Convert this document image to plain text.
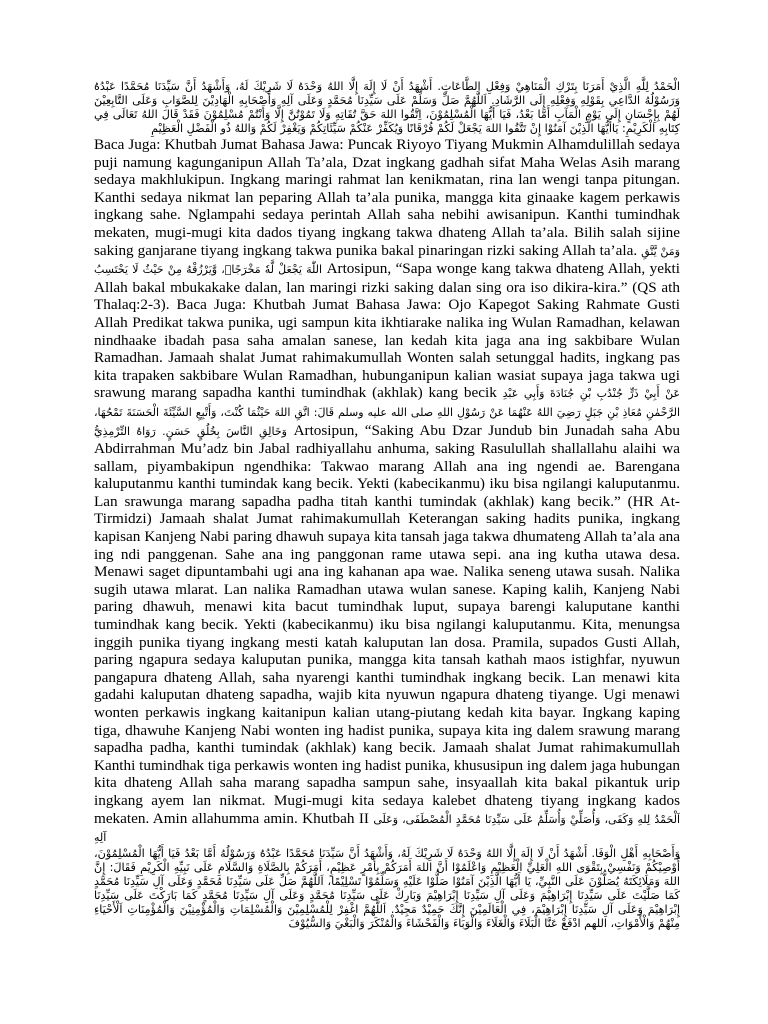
الْحَمْدُ لِلَّهِ الَّذِيْ أَمَرَنَا بِتَرْكِ الْمَنَاهِيْ وَفِعْلِ الطَّاعَاتِ. أَشْهَدُ أَنْ لَا إِلَهَ إِلَّا اللهُ وَحْدَهُ لَا شَرِيْكَ لَهُ، وَأَشْهَدُ أَنَّ سَيِّدَنَا مُحَمَّدًا عَبْدُهُ وَرَسُوْلُهُ الدَّاعِي بِقَوْلِهِ وَفِعْلِهِ إِلَى الرَّشَادِ. اَللَّهُمَّ صَلِّ وَسَلِّمْ عَلَى سَيِّدِنَا مُحَمَّدٍ وَعَلَى آلِهِ وَأَصْحَابِهِ الْهَادِيْنَ لِلصَّوَابِ وَعَلَى التَّابِعِيْنَ لَهُمْ بِإِحْسَانٍ إِلَى يَوْمِ الْمَآبِ أَمَّا بَعْدُ، فَيَا أَيُّهَا الْمُسْلِمُوْنَ، اِتَّقُوا اللهَ حَقَّ تُقَاتِهِ وَلَا تَمُوْتُنَّ إِلَّا وَأَنْتُمْ مُسْلِمُوْنَ فَقَدْ قَالَ اللهُ تَعَالَى فِي كِتَابِهِ الْكَرِيْمِ: يَاأَيُّهَا الَّذِيْنَ آمَنُوْا إِنْ تَتَّقُوا اللهَ يَجْعَلْ لَكُمْ فُرْقَانًا وَيُكَفِّرْ عَنْكُمْ سَيِّئَاتِكُمْ وَيَغْفِرْ لَكُمْ وَاللهُ ذُو الْفَضْلِ الْعَظِيْمِ

Baca Juga: Khutbah Jumat Bahasa Jawa: Puncak Riyoyo Tiyang Mukmin Alhamdulillah sedaya puji namung kagunganipun Allah Ta’ala, Dzat ingkang gadhah sifat Maha Welas Asih marang sedaya makhlukipun. Ingkang maringi rahmat lan kenikmatan, rina lan wengi tanpa pitungan. Kanthi sedaya nikmat lan peparing Allah ta’ala punika, mangga kita ginaake kagem perkawis ingkang sahe. Nglampahi sedaya perintah Allah saha nebihi awisanipun. Kanthi tumindhak mekaten, mugi-mugi kita dados tiyang ingkang takwa dhateng Allah ta’ala. Bilih salah sijine saking ganjarane tiyang ingkang takwa punika bakal pinaringan rizki saking Allah ta’ala. وَمَنْ يَّتَّقِ اللّٰهَ يَجْعَلْ لَّهٗ مَخْرَجًاۙ، وَّيَرْزُقْهُ مِنْ حَيْثُ لَا يَحْتَسِبُ Artosipun, “Sapa wonge kang takwa dhateng Allah, yekti Allah bakal mbukakake dalan, lan maringi rizki saking dalan sing ora iso dikira-kira.” (QS ath Thalaq:2-3). Baca Juga: Khutbah Jumat Bahasa Jawa: Ojo Kapegot Saking Rahmate Gusti Allah Predikat takwa punika, ugi sampun kita ikhtiarake nalika ing Wulan Ramadhan, kelawan nindhaake ibadah pasa saha amalan sanese, lan kedah kita jaga ana ing sakbibare Wulan Ramadhan. Jamaah shalat Jumat rahimakumullah Wonten salah setunggal hadits, ingkang pas kita trapaken sakbibare Wulan Ramadhan, hubunganipun kalian wasiat supaya jaga takwa ugi srawung marang sapadha kanthi tumindhak (akhlak) kang becik عَنْ أَبِيْ ذَرٍّ جُنْدُبِ بْنِ جُنَادَةَ وَأَبِي عَبْدِ الرَّحْمٰنِ مُعَاذِ بْنِ جَبَلٍ رَضِيَ اللهُ عَنْهُمَا عَنْ رَسُوْلِ اللهِ صلى الله عليه وسلم قَالَ: اتَّقِ اللهَ حَيْثُمَا كُنْتَ، وَأَتْبِعِ السَّيِّئَةَ الْحَسَنَةَ تَمْحُهَا، وَخَالِقِ النَّاسَ بِخُلُقٍ حَسَنٍ. رَوَاهُ التِّرْمِذِيُّ Artosipun, “Saking Abu Dzar Jundub bin Junadah saha Abu Abdirrahman Mu’adz bin Jabal radhiyallahu anhuma, saking Rasulullah shallallahu alaihi wa sallam, piyambakipun ngendhika: Takwao marang Allah ana ing ngendi ae. Barengana kaluputanmu kanthi tumindak kang becik. Yekti (kabecikanmu) iku bisa ngilangi kaluputanmu. Lan srawunga marang sapadha padha titah kanthi tumindak (akhlak) kang becik.” (HR At-Tirmidzi) Jamaah shalat Jumat rahimakumullah Keterangan saking hadits punika, ingkang kapisan Kanjeng Nabi paring dhawuh supaya kita tansah jaga takwa dhumateng Allah ta’ala ana ing ndi panggenan. Sahe ana ing panggonan rame utawa sepi. ana ing kutha utawa desa. Menawi saget dipuntambahi ugi ana ing kahanan apa wae. Nalika seneng utawa susah. Nalika sugih utawa mlarat. Lan nalika Ramadhan utawa wulan sanese. Kaping kalih, Kanjeng Nabi paring dhawuh, menawi kita bacut tumindhak luput, supaya barengi kaluputane kanthi tumindhak kang becik. Yekti (kabecikanmu) iku bisa ngilangi kaluputanmu. Kita, menungsa inggih punika tiyang ingkang mesti katah kaluputan lan dosa. Pramila, supados Gusti Allah, paring ngapura sedaya kaluputan punika, mangga kita tansah kathah maos istighfar, nyuwun pangapura dhateng Allah, saha nyarengi kanthi tumindhak ingkang becik. Lan menawi kita gadahi kaluputan dhateng sapadha, wajib kita nyuwun ngapura dhateng tiyange. Ugi menawi wonten perkawis ingkang kaitanipun kalian utang-piutang kedah kita bayar. Ingkang kaping tiga, dhawuhe Kanjeng Nabi wonten ing hadist punika, supaya kita ing dalem srawung marang sapadha padha, kanthi tumindak (akhlak) kang becik. Jamaah shalat Jumat rahimakumullah Kanthi tumindhak tiga perkawis wonten ing hadist punika, khususipun ing dalem jaga hubungan kita dhateng Allah saha marang sapadha sampun sahe, insyaallah kita bakal pikantuk urip ingkang ayem lan nikmat. Mugi-mugi kita sedaya kalebet dhateng tiyang ingkang kados mekaten. Amin allahumma amin. Khutbah II اَلْحَمْدُ لِلهِ وَكَفَى، وَأُصَلِّيْ وَأُسَلِّمُ عَلَى سَيِّدِنَا مُحَمَّدٍ الْمُصْطَفَى، وَعَلَى آلِهِ

وَأَصْحَابِهِ أَهْلِ الْوَفَا. أَشْهَدُ أَنْ لَا إِلَهَ إِلَّا اللهُ وَحْدَهُ لَا شَرِيْكَ لَهُ، وَأَشْهَدُ أَنَّ سَيِّدَنَا مُحَمَّدًا عَبْدُهُ وَرَسُوْلُهُ أَمَّا بَعْدُ فَيَا أَيُّهَا الْمُسْلِمُوْنَ، أُوْصِيْكُمْ وَنَفْسِيْ بِتَقْوَى اللهِ الْعَلِيِّ الْعَظِيْمِ وَاعْلَمُوْا أَنَّ اللهَ أَمَرَكُمْ بِأَمْرٍ عَظِيْمٍ، أَمَرَكُمْ بِالصَّلَاةِ وَالسَّلَامِ عَلَى نَبِيِّهِ الْكَرِيْمِ فَقَالَ: إِنَّ اللهَ وَمَلَائِكَتَهُ يُصَلُّوْنَ عَلَى النَّبِيِّ، يَا أَيُّهَا الَّذِيْنَ آمَنُوْا صَلُّوْا عَلَيْهِ وَسَلِّمُوْا تَسْلِيْمًا، اَللَّهُمَّ صَلِّ عَلَى سَيِّدِنَا مُحَمَّدٍ وَعَلَى آلِ سَيِّدِنَا مُحَمَّدٍ كَمَا صَلَّيْتَ عَلَى سَيِّدِنَا إِبْرَاهِيْمَ وَعَلَى آلِ سَيِّدِنَا إِبْرَاهِيْمَ وَبَارِكْ عَلَى سَيِّدِنَا مُحَمَّدٍ وَعَلَى آلِ سَيِّدِنَا مُحَمَّدٍ كَمَا بَارَكْتَ عَلَى سَيِّدِنَا إِبْرَاهِيْمَ وَعَلَى آلِ سَيِّدِنَا إِبْرَاهِيْمَ، فِي الْعَالَمِيْنَ إِنَّكَ حَمِيْدٌ مَجِيْدٌ. اَللَّهُمَّ اغْفِرْ لِلْمُسْلِمِيْنَ وَالْمُسْلِمَاتِ وَالْمُؤْمِنِيْنَ وَالْمُؤْمِنَاتِ اَلْأَحْيَاءِ مِنْهُمْ وَالْأَمْوَاتِ، اللهم ادْفَعْ عَنَّا الْبَلَاءَ وَالْغَلَاءَ وَالْوَبَاءَ وَالْفَحْشَاءَ وَالْمُنْكَرَ وَالْبَغْيَ وَالسُّيُوْفَ
